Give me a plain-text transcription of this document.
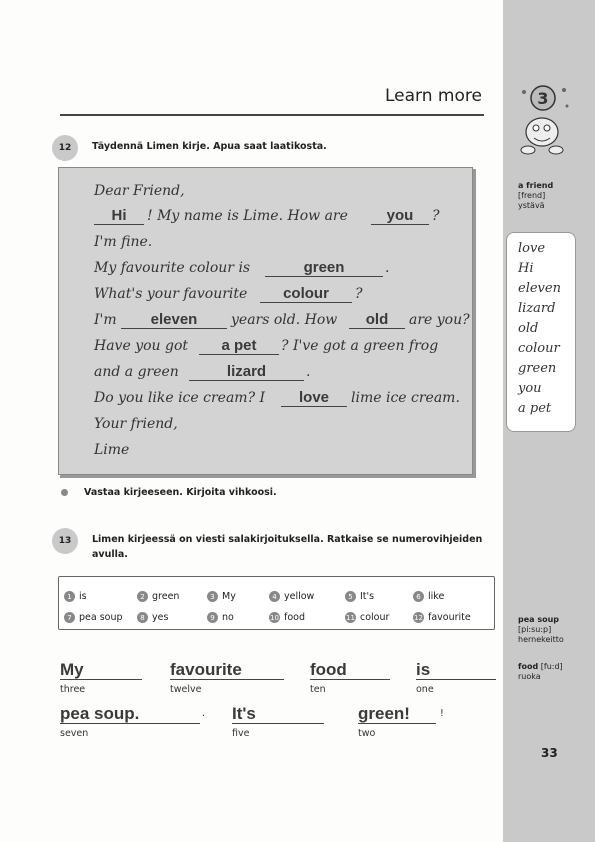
3
Learn more
12	Täydennä Limen kirje. Apua saat laatikosta.
Dear Friend,
Hi	! My name is Lime. How are	you	?
I'm fine.
My favourite colour is	green	.
What's your favourite	colour	?
I'm	eleven	years old. How	old	are you?
Have you got	a pet	? I've got a green frog
and a green	lizard	.
Do you like ice cream? I	love	lime ice cream.
Your friend,
Lime
Vastaa kirjeeseen. Kirjoita vihkoosi.
13	Limen kirjeessä on viesti salakirjoituksella. Ratkaise se numerovihjeiden
avulla.
1 is	2 green	3 My	4 yellow	5 It's	6 like
7 pea soup	8 yes	9 no	10 food	11 colour	12 favourite
My
three
favourite
twelve
food
ten
is
one
pea soup.	.
seven
It's
five
green!	!
two
a friend
[frend]
ystävä
love
Hi
eleven
lizard
old
colour
green
you
a pet
pea soup
[pi:su:p]
hernekeitto
food [fu:d]
ruoka
33
